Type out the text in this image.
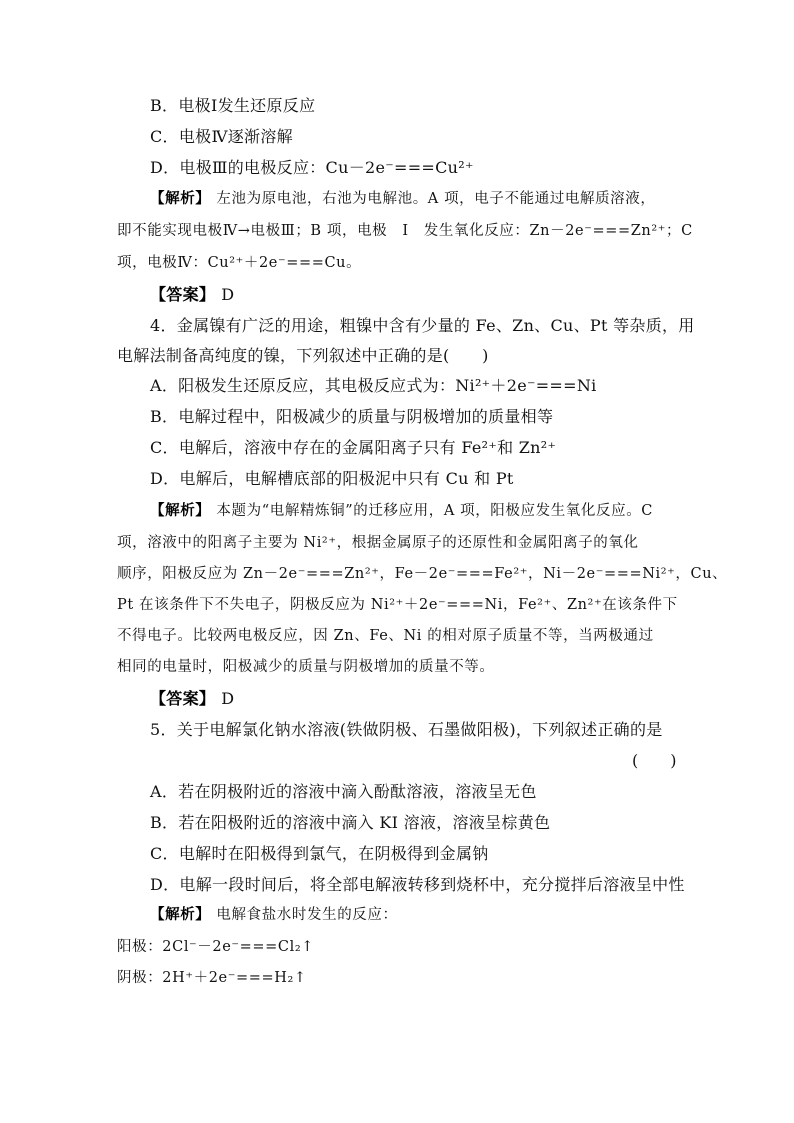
B．电极Ⅰ发生还原反应
C．电极Ⅳ逐渐溶解
D．电极Ⅲ的电极反应：Cu－2e⁻===Cu²⁺
【解析】 左池为原电池，右池为电解池。A 项，电子不能通过电解质溶液，
即不能实现电极Ⅳ→电极Ⅲ；B 项，电极　Ⅰ　发生氧化反应：Zn－2e⁻===Zn²⁺；C
项，电极Ⅳ：Cu²⁺＋2e⁻===Cu。
【答案】 D
4．金属镍有广泛的用途，粗镍中含有少量的 Fe、Zn、Cu、Pt 等杂质，用
电解法制备高纯度的镍，下列叙述中正确的是(　　)
A．阳极发生还原反应，其电极反应式为：Ni²⁺＋2e⁻===Ni
B．电解过程中，阳极减少的质量与阴极增加的质量相等
C．电解后，溶液中存在的金属阳离子只有 Fe²⁺和 Zn²⁺
D．电解后，电解槽底部的阳极泥中只有 Cu 和 Pt
【解析】 本题为“电解精炼铜”的迁移应用，A 项，阳极应发生氧化反应。C
项，溶液中的阳离子主要为 Ni²⁺，根据金属原子的还原性和金属阳离子的氧化
顺序，阳极反应为 Zn－2e⁻===Zn²⁺，Fe－2e⁻===Fe²⁺，Ni－2e⁻===Ni²⁺，Cu、
Pt 在该条件下不失电子，阴极反应为 Ni²⁺＋2e⁻===Ni，Fe²⁺、Zn²⁺在该条件下
不得电子。比较两电极反应，因 Zn、Fe、Ni 的相对原子质量不等，当两极通过
相同的电量时，阳极减少的质量与阴极增加的质量不等。
【答案】 D
5．关于电解氯化钠水溶液(铁做阴极、石墨做阳极)，下列叙述正确的是
(　　)
A．若在阴极附近的溶液中滴入酚酞溶液，溶液呈无色
B．若在阳极附近的溶液中滴入 KI 溶液，溶液呈棕黄色
C．电解时在阳极得到氯气，在阴极得到金属钠
D．电解一段时间后，将全部电解液转移到烧杯中，充分搅拌后溶液呈中性
【解析】 电解食盐水时发生的反应：
阳极：2Cl⁻－2e⁻===Cl₂↑
阴极：2H⁺＋2e⁻===H₂↑
